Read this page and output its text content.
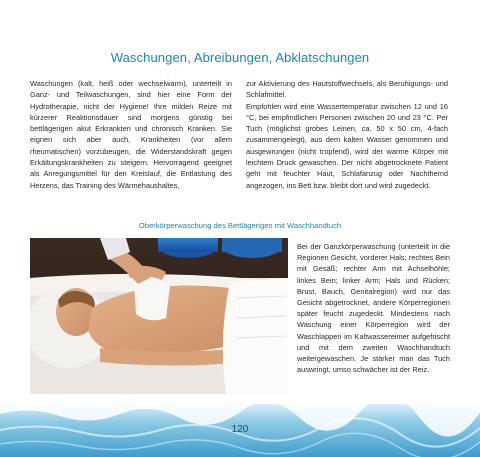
Waschungen, Abreibungen, Abklatschungen

Waschungen (kalt, heiß oder wechselwarm), unterteilt in Ganz- und Teilwaschungen, sind hier eine Form der Hydrotherapie, nicht der Hygiene! Ihre milden Reize mit kürzerer Reaktionsdauer sind morgens günstig bei bettlägerigen akut Erkrankten und chronisch Kranken. Sie eignen sich aber auch, Krankheiten (vor allem rheumatischen) vorzubeugen, die Widerstandskraft gegen Erkältungskrankheiten zu steigern. Hervorragend geeignet als Anregungsmittel für den Kreislauf, die Entlastung des Herzens, das Training des Wärmehaushaltes,

zur Aktivierung des Hautstoffwechsels, als Beruhigungs- und Schlafmittel.

Empfohlen wird eine Wassertemperatur zwischen 12 und 16 °C, bei empfindlichen Personen zwischen 20 und 23 °C. Per Tuch (möglichst grobes Leinen, ca. 50 x 50 cm, 4-fach zusammengelegt), aus dem kalten Wasser genommen und ausgewrungen (nicht tropfend), wird der warme Körper mit leichtem Druck gewaschen. Der nicht abgetrocknete Patient geht mit feuchter Haut, Schlafanzug oder Nachthemd angezogen, ins Bett bzw. bleibt dort und wird zugedeckt.

Oberkörperwaschung des Bettlägerigen mit Waschhandtuch

Bei der Ganzkörperwaschung (unterteilt in die Regionen Gesicht, vorderer Hals; rechtes Bein mit Gesäß; rechter Arm mit Achselhöhle; linkes Bein; linker Arm; Hals und Rücken; Brust, Bauch, Genitalregion) wird nur das Gesicht abgetrocknet, andere Körperregionen später feucht zugedeckt. Mindestens nach Waschung einer Körperregion wird der Waschlappen im Kaltwassereimer aufgefrischt und mit dem zweiten Waschhandtuch weitergewaschen. Je stärker man das Tuch auswringt, umso schwächer ist der Reiz.

120
